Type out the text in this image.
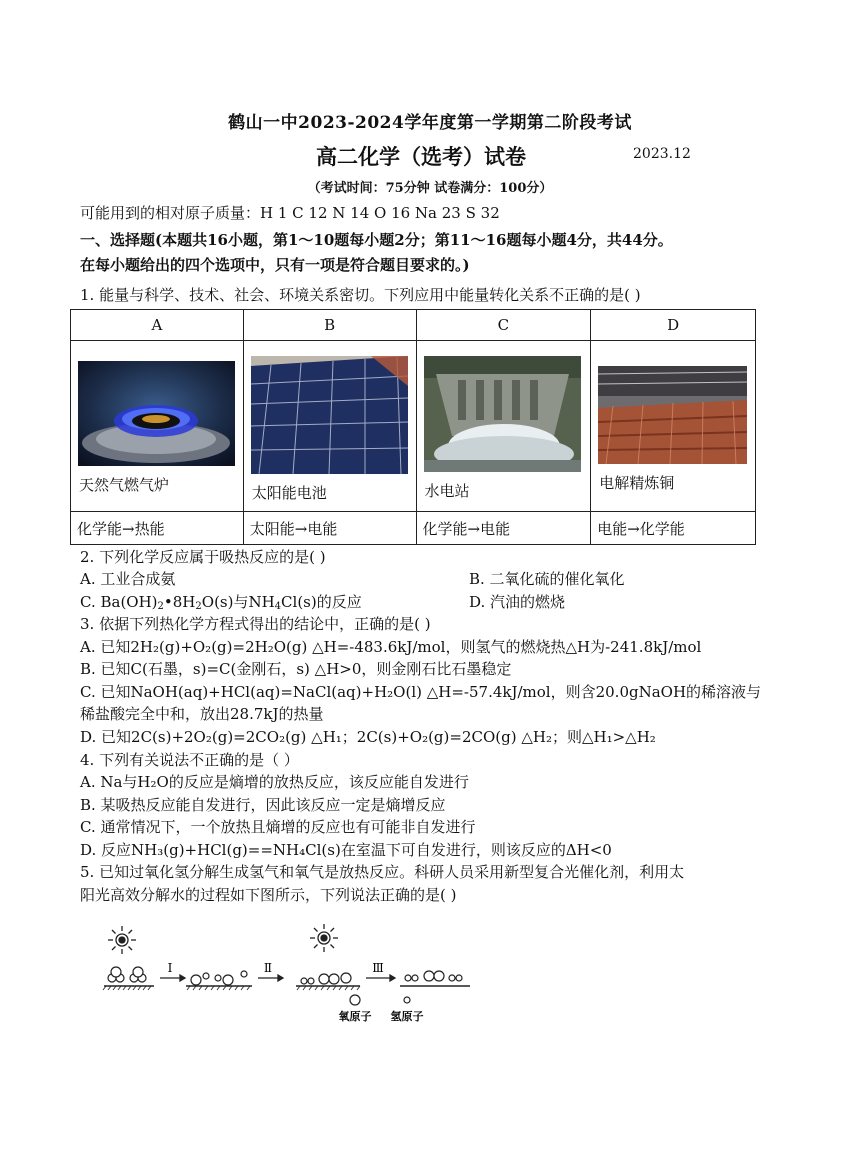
鹤山一中2023-2024学年度第一学期第二阶段考试
高二化学（选考）试卷	2023.12
（考试时间：75分钟 试卷满分：100分）
可能用到的相对原子质量：H 1 C 12 N 14 O 16 Na 23 S 32
一、选择题(本题共16小题，第1～10题每小题2分；第11～16题每小题4分，共44分。
在每小题给出的四个选项中，只有一项是符合题目要求的。)
1. 能量与科学、技术、社会、环境关系密切。下列应用中能量转化关系不正确的是( )
A	B	C	D

天然气燃气炉	太阳能电池	水电站	电解精炼铜

化学能→热能	太阳能→电能	化学能→电能	电能→化学能
2. 下列化学反应属于吸热反应的是( )
A. 工业合成氨	B. 二氧化硫的催化氧化
C. $Ba(OH)_2•8H_2O(s)$与$NH_4Cl(s)$的反应	D. 汽油的燃烧
3. 依据下列热化学方程式得出的结论中，正确的是( )
A. 已知2H₂(g)+O₂(g)=2H₂O(g) △H=-483.6kJ/mol，则氢气的燃烧热△H为-241.8kJ/mol
B. 已知C(石墨，s)=C(金刚石，s) △H>0，则金刚石比石墨稳定
C. 已知NaOH(aq)+HCl(aq)=NaCl(aq)+H₂O(l) △H=-57.4kJ/mol，则含20.0gNaOH的稀溶液与
稀盐酸完全中和，放出28.7kJ的热量
D. 已知2C(s)+2O₂(g)=2CO₂(g) △H₁；2C(s)+O₂(g)=2CO(g) △H₂；则△H₁>△H₂
4. 下列有关说法不正确的是（ ）
A. Na与H₂O的反应是熵增的放热反应，该反应能自发进行
B. 某吸热反应能自发进行，因此该反应一定是熵增反应
C. 通常情况下，一个放热且熵增的反应也有可能非自发进行
D. 反应NH₃(g)+HCl(g)==NH₄Cl(s)在室温下可自发进行，则该反应的ΔH<0
5. 已知过氧化氢分解生成氢气和氧气是放热反应。科研人员采用新型复合光催化剂，利用太
阳光高效分解水的过程如下图所示，下列说法正确的是( )
Ⅰ	Ⅱ	Ⅲ
氧原子 氢原子
